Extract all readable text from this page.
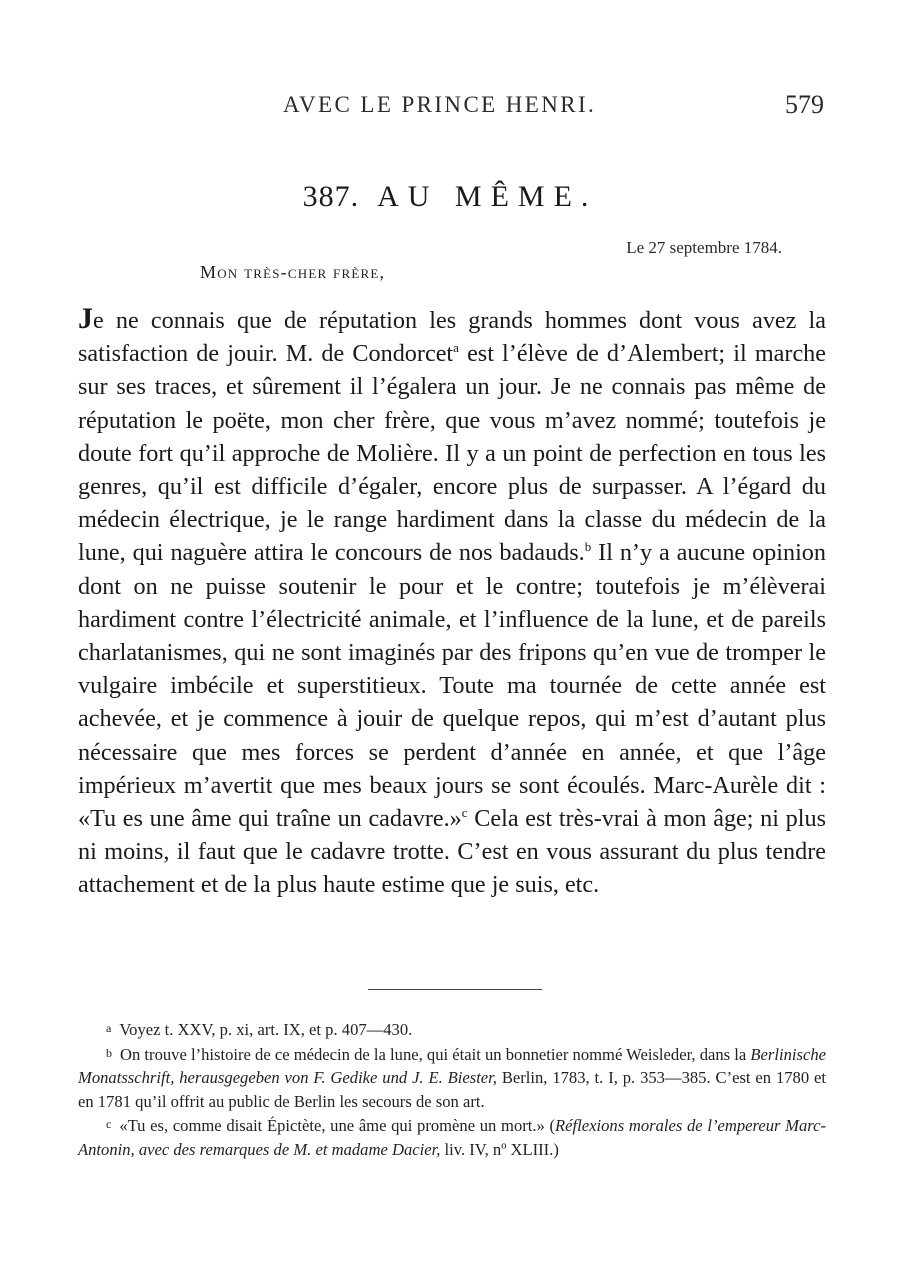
AVEC LE PRINCE HENRI.	579
387. AU MÊME.
Le 27 septembre 1784.
Mon très-cher frère,

Je ne connais que de réputation les grands hommes dont vous avez la satisfaction de jouir. M. de Condorcet$^a$ est l’élève de d’Alembert; il marche sur ses traces, et sûrement il l’égalera un jour. Je ne connais pas même de réputation le poëte, mon cher frère, que vous m’avez nommé; toutefois je doute fort qu’il approche de Molière. Il y a un point de perfection en tous les genres, qu’il est difficile d’égaler, encore plus de surpasser. A l’égard du médecin électrique, je le range hardiment dans la classe du médecin de la lune, qui naguère attira le concours de nos badauds.$^b$ Il n’y a aucune opinion dont on ne puisse soutenir le pour et le contre; toutefois je m’élèverai hardiment contre l’électricité animale, et l’influence de la lune, et de pareils charlatanismes, qui ne sont imaginés par des fripons qu’en vue de tromper le vulgaire imbécile et superstitieux. Toute ma tournée de cette année est achevée, et je commence à jouir de quelque repos, qui m’est d’autant plus nécessaire que mes forces se perdent d’année en année, et que l’âge impérieux m’avertit que mes beaux jours se sont écoulés. Marc-Aurèle dit : «Tu es une âme qui traîne un cadavre.»$^c$ Cela est très-vrai à mon âge; ni plus ni moins, il faut que le cadavre trotte. C’est en vous assurant du plus tendre attachement et de la plus haute estime que je suis, etc.

a Voyez t. XXV, p. xi, art. IX, et p. 407—430.

b On trouve l’histoire de ce médecin de la lune, qui était un bonnetier nommé Weisleder, dans la Berlinische Monatsschrift, herausgegeben von F. Gedike und J. E. Biester, Berlin, 1783, t. I, p. 353—385. C’est en 1780 et en 1781 qu’il offrit au public de Berlin les secours de son art.

c «Tu es, comme disait Épictète, une âme qui promène un mort.» (Réflexions morales de l’empereur Marc-Antonin, avec des remarques de M. et madame Dacier, liv. IV, nº XLIII.)
